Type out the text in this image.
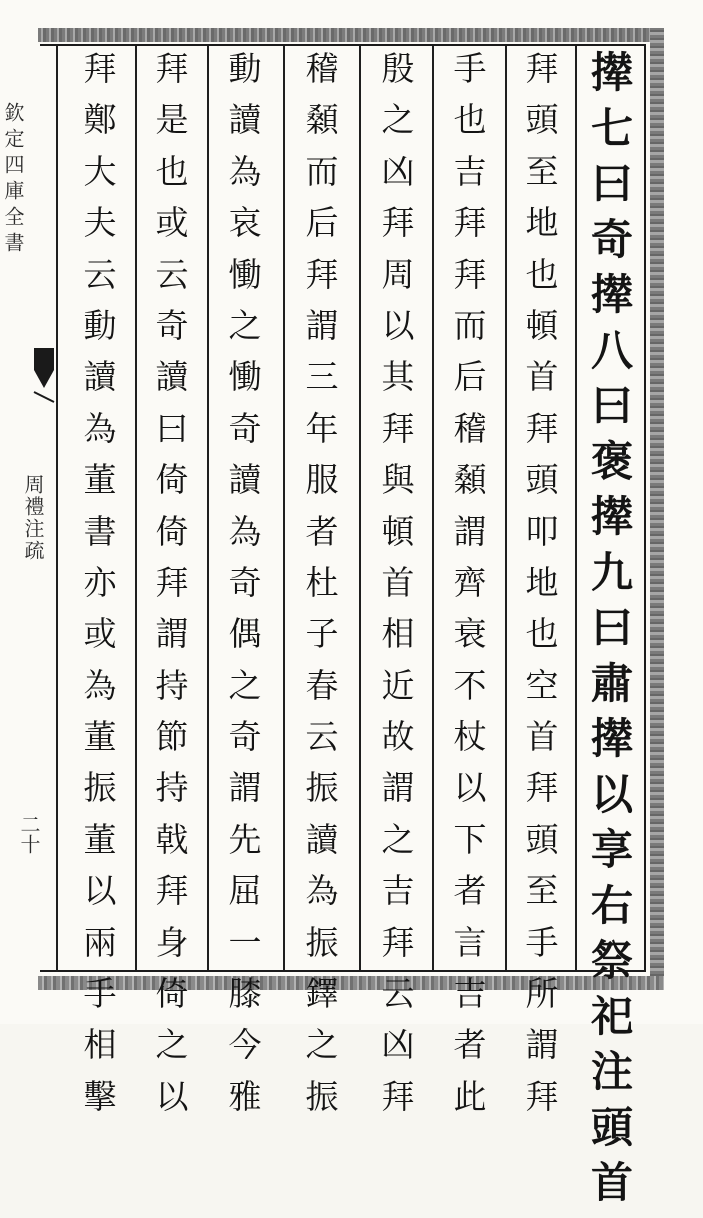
欽定四庫全書
周禮注疏
二十
撵
七
曰
奇
撵
八
曰
褒
撵
九
曰
肅
撵
以
享
右
祭
祀
注
頭
首
拜
頭
至
地
也
頓
首
拜
頭
叩
地
也
空
首
拜
頭
至
手
所
謂
拜
手
也
吉
拜
拜
而
后
稽
顙
謂
齊
衰
不
杖
以
下
者
言
吉
者
此
殷
之
凶
拜
周
以
其
拜
與
頓
首
相
近
故
謂
之
吉
拜
云
凶
拜
稽
顙
而
后
拜
謂
三
年
服
者
杜
子
春
云
振
讀
為
振
鐸
之
振
動
讀
為
哀
慟
之
慟
奇
讀
為
奇
偶
之
奇
謂
先
屈
一
膝
今
雅
拜
是
也
或
云
奇
讀
曰
倚
倚
拜
謂
持
節
持
戟
拜
身
倚
之
以
拜
鄭
大
夫
云
動
讀
為
董
書
亦
或
為
董
振
董
以
兩
手
相
擊
